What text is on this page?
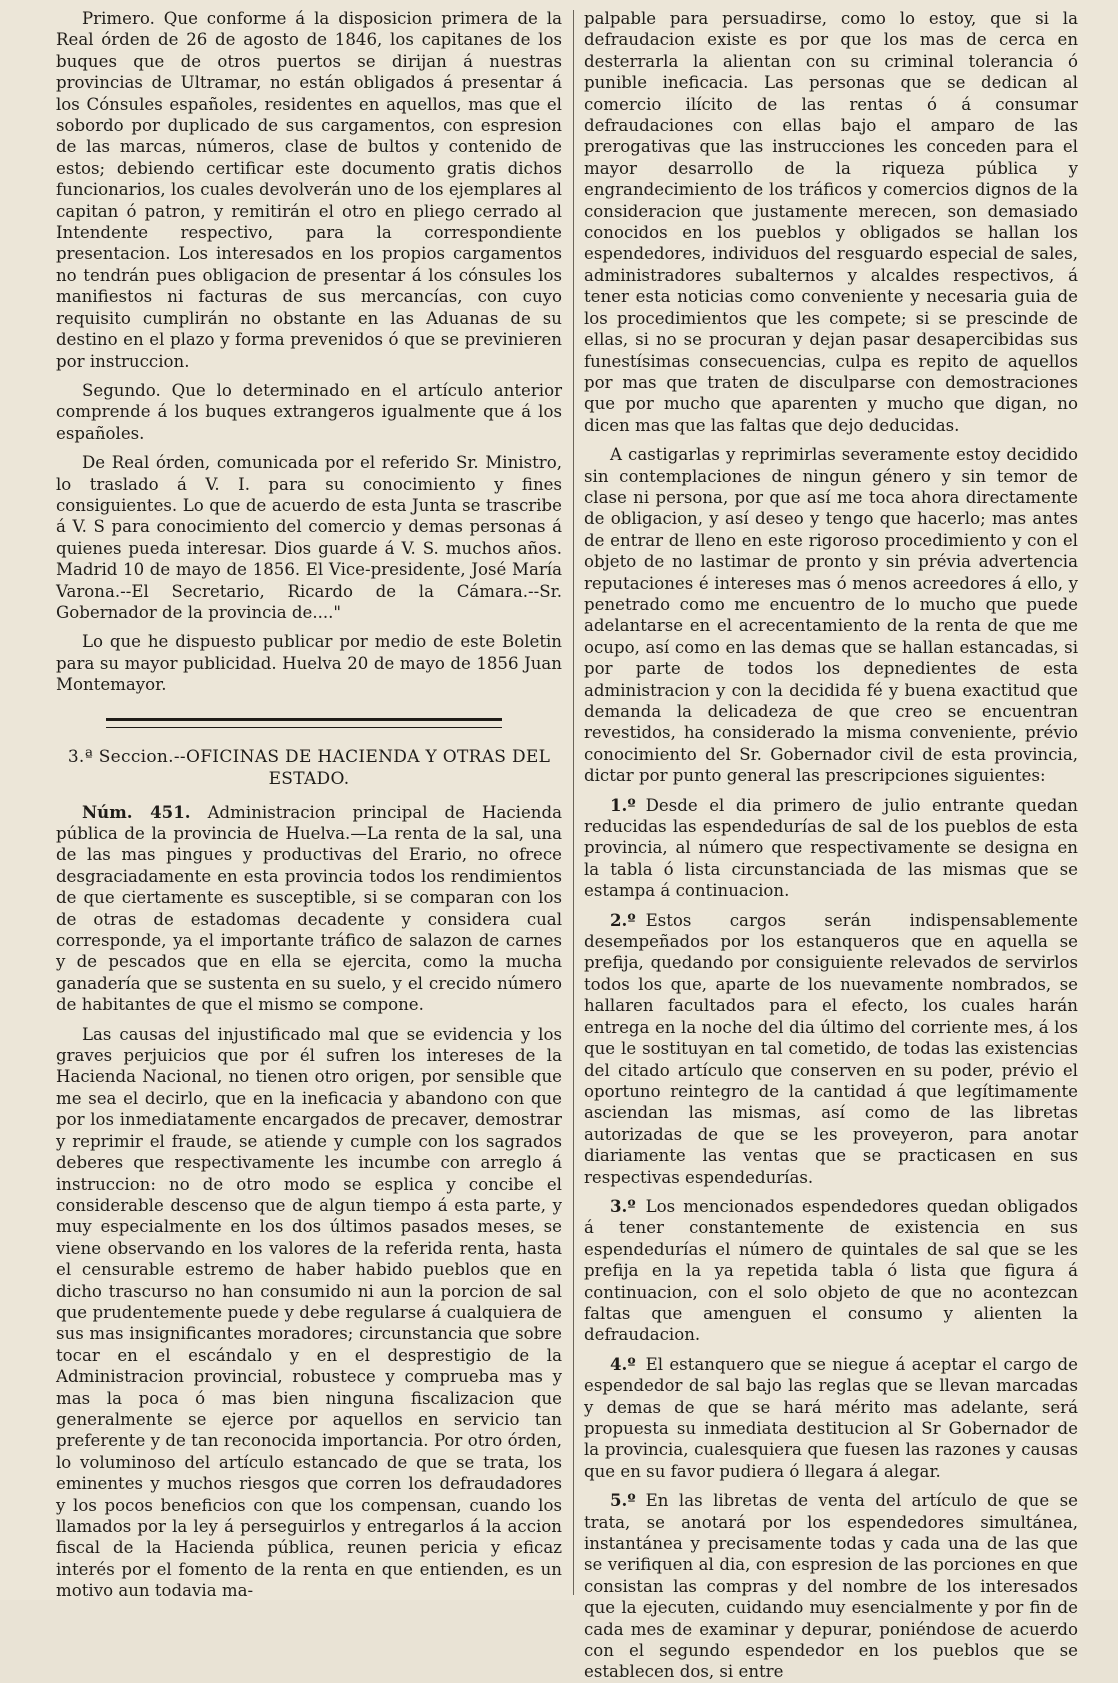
Primero. Que conforme á la disposicion primera de la Real órden de 26 de agosto de 1846, los capitanes de los buques que de otros puertos se dirijan á nuestras provincias de Ultramar, no están obligados á presentar á los Cónsules españoles, residentes en aquellos, mas que el sobordo por duplicado de sus cargamentos, con espresion de las marcas, números, clase de bultos y contenido de estos; debiendo certificar este documento gratis dichos funcionarios, los cuales devolverán uno de los ejemplares al capitan ó patron, y remitirán el otro en pliego cerrado al Intendente respectivo, para la correspondiente presentacion. Los interesados en los propios cargamentos no tendrán pues obligacion de presentar á los cónsules los manifiestos ni facturas de sus mercancías, con cuyo requisito cumplirán no obstante en las Aduanas de su destino en el plazo y forma prevenidos ó que se previnieren por instruccion.

Segundo. Que lo determinado en el artículo anterior comprende á los buques extrangeros igualmente que á los españoles.

De Real órden, comunicada por el referido Sr. Ministro, lo traslado á V. I. para su conocimiento y fines consiguientes. Lo que de acuerdo de esta Junta se trascribe á V. S para conocimiento del comercio y demas personas á quienes pueda interesar. Dios guarde á V. S. muchos años. Madrid 10 de mayo de 1856. El Vice-presidente, José María Varona.--El Secretario, Ricardo de la Cámara.--Sr. Gobernador de la provincia de...."

Lo que he dispuesto publicar por medio de este Boletin para su mayor publicidad. Huelva 20 de mayo de 1856 Juan Montemayor.

3.ª Seccion.--OFICINAS DE HACIENDA Y OTRAS DEL ESTADO.

Núm. 451. Administracion principal de Hacienda pública de la provincia de Huelva.—La renta de la sal, una de las mas pingues y productivas del Erario, no ofrece desgraciadamente en esta provincia todos los rendimientos de que ciertamente es susceptible, si se comparan con los de otras de estadomas decadente y considera cual corresponde, ya el importante tráfico de salazon de carnes y de pescados que en ella se ejercita, como la mucha ganadería que se sustenta en su suelo, y el crecido número de habitantes de que el mismo se compone.

Las causas del injustificado mal que se evidencia y los graves perjuicios que por él sufren los intereses de la Hacienda Nacional, no tienen otro origen, por sensible que me sea el decirlo, que en la ineficacia y abandono con que por los inmediatamente encargados de precaver, demostrar y reprimir el fraude, se atiende y cumple con los sagrados deberes que respectivamente les incumbe con arreglo á instruccion: no de otro modo se esplica y concibe el considerable descenso que de algun tiempo á esta parte, y muy especialmente en los dos últimos pasados meses, se viene observando en los valores de la referida renta, hasta el censurable estremo de haber habido pueblos que en dicho trascurso no han consumido ni aun la porcion de sal que prudentemente puede y debe regularse á cualquiera de sus mas insignificantes moradores; circunstancia que sobre tocar en el escándalo y en el desprestigio de la Administracion provincial, robustece y comprueba mas y mas la poca ó mas bien ninguna fiscalizacion que generalmente se ejerce por aquellos en servicio tan preferente y de tan reconocida importancia. Por otro órden, lo voluminoso del artículo estancado de que se trata, los eminentes y muchos riesgos que corren los defraudadores y los pocos beneficios con que los compensan, cuando los llamados por la ley á perseguirlos y entregarlos á la accion fiscal de la Hacienda pública, reunen pericia y eficaz interés por el fomento de la renta en que entienden, es un motivo aun todavia ma-

palpable para persuadirse, como lo estoy, que si la defraudacion existe es por que los mas de cerca en desterrarla la alientan con su criminal tolerancia ó punible ineficacia. Las personas que se dedican al comercio ilícito de las rentas ó á consumar defraudaciones con ellas bajo el amparo de las prerogativas que las instrucciones les conceden para el mayor desarrollo de la riqueza pública y engrandecimiento de los tráficos y comercios dignos de la consideracion que justamente merecen, son demasiado conocidos en los pueblos y obligados se hallan los espendedores, individuos del resguardo especial de sales, administradores subalternos y alcaldes respectivos, á tener esta noticias como conveniente y necesaria guia de los procedimientos que les compete; si se prescinde de ellas, si no se procuran y dejan pasar desapercibidas sus funestísimas consecuencias, culpa es repito de aquellos por mas que traten de disculparse con demostraciones que por mucho que aparenten y mucho que digan, no dicen mas que las faltas que dejo deducidas.

A castigarlas y reprimirlas severamente estoy decidido sin contemplaciones de ningun género y sin temor de clase ni persona, por que así me toca ahora directamente de obligacion, y así deseo y tengo que hacerlo; mas antes de entrar de lleno en este rigoroso procedimiento y con el objeto de no lastimar de pronto y sin prévia advertencia reputaciones é intereses mas ó menos acreedores á ello, y penetrado como me encuentro de lo mucho que puede adelantarse en el acrecentamiento de la renta de que me ocupo, así como en las demas que se hallan estancadas, si por parte de todos los depnedientes de esta administracion y con la decidida fé y buena exactitud que demanda la delicadeza de que creo se encuentran revestidos, ha considerado la misma conveniente, prévio conocimiento del Sr. Gobernador civil de esta provincia, dictar por punto general las prescripciones siguientes:

1.º Desde el dia primero de julio entrante quedan reducidas las espendedurías de sal de los pueblos de esta provincia, al número que respectivamente se designa en la tabla ó lista circunstanciada de las mismas que se estampa á continuacion.

2.º Estos cargos serán indispensablemente desempeñados por los estanqueros que en aquella se prefija, quedando por consiguiente relevados de servirlos todos los que, aparte de los nuevamente nombrados, se hallaren facultados para el efecto, los cuales harán entrega en la noche del dia último del corriente mes, á los que le sostituyan en tal cometido, de todas las existencias del citado artículo que conserven en su poder, prévio el oportuno reintegro de la cantidad á que legítimamente asciendan las mismas, así como de las libretas autorizadas de que se les proveyeron, para anotar diariamente las ventas que se practicasen en sus respectivas espendedurías.

3.º Los mencionados espendedores quedan obligados á tener constantemente de existencia en sus espendedurías el número de quintales de sal que se les prefija en la ya repetida tabla ó lista que figura á continuacion, con el solo objeto de que no acontezcan faltas que amenguen el consumo y alienten la defraudacion.

4.º El estanquero que se niegue á aceptar el cargo de espendedor de sal bajo las reglas que se llevan marcadas y demas de que se hará mérito mas adelante, será propuesta su inmediata destitucion al Sr Gobernador de la provincia, cualesquiera que fuesen las razones y causas que en su favor pudiera ó llegara á alegar.

5.º En las libretas de venta del artículo de que se trata, se anotará por los espendedores simultánea, instantánea y precisamente todas y cada una de las que se verifiquen al dia, con espresion de las porciones en que consistan las compras y del nombre de los interesados que la ejecuten, cuidando muy esencialmente y por fin de cada mes de examinar y depurar, poniéndose de acuerdo con el segundo espendedor en los pueblos que se establecen dos, si entre
